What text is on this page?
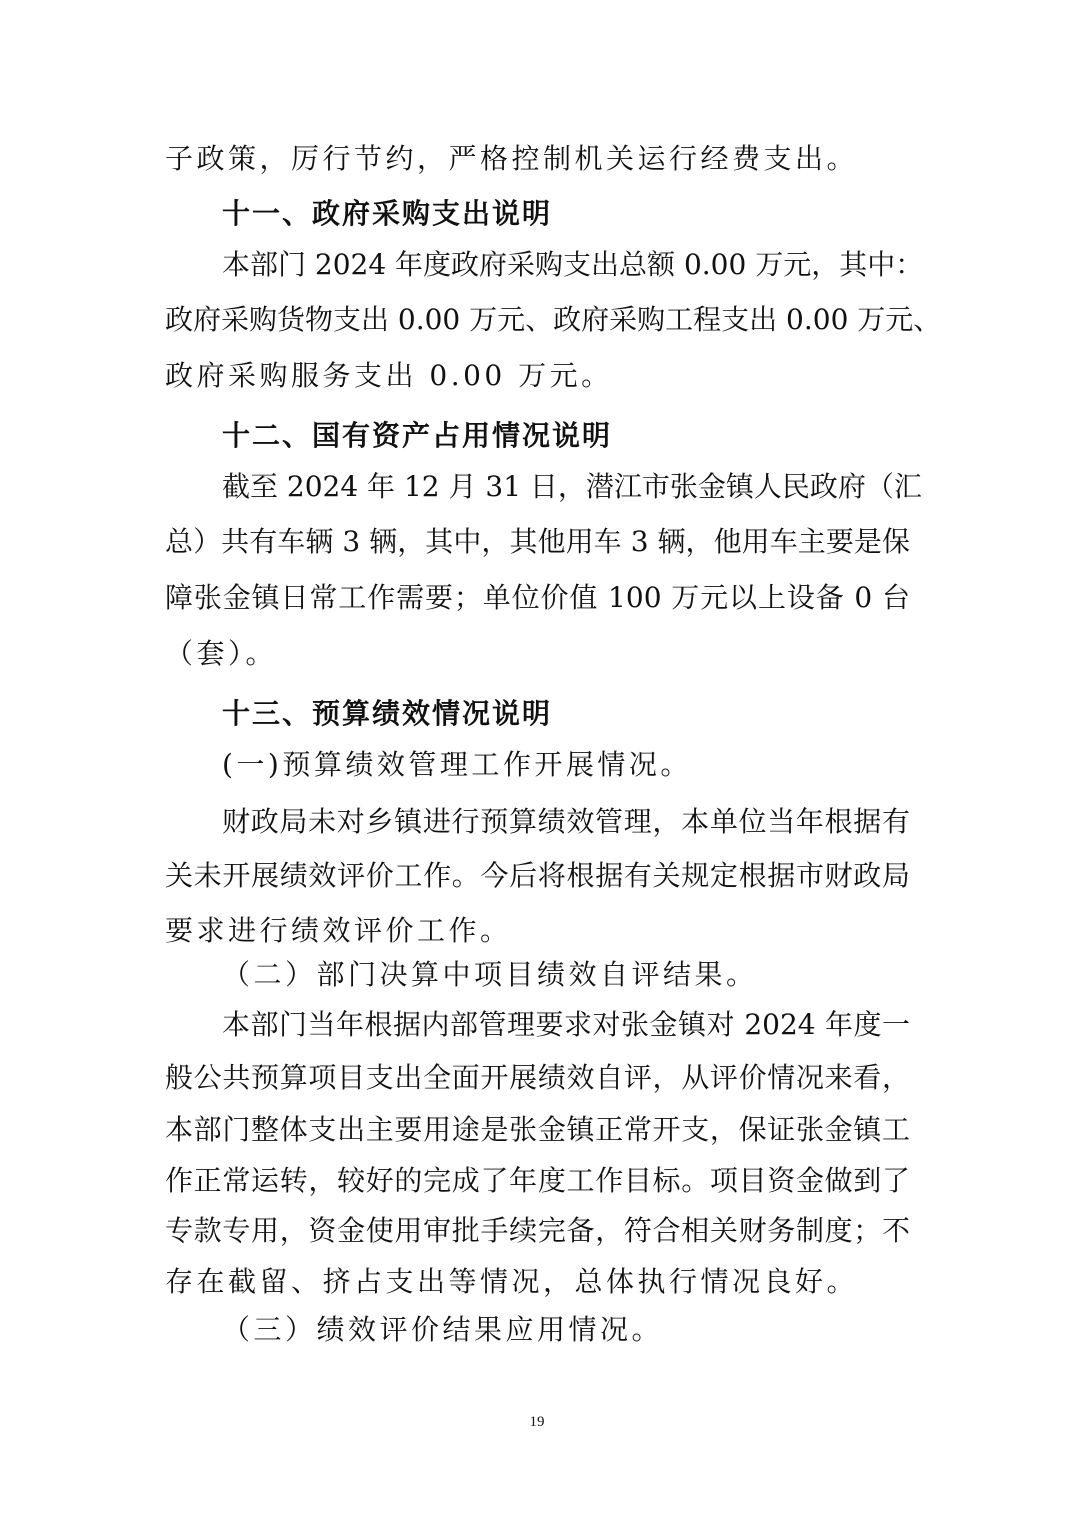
子政策，厉行节约，严格控制机关运行经费支出。
十一、政府采购支出说明
本部门 2024 年度政府采购支出总额 0.00 万元，其中：
政府采购货物支出 0.00 万元、政府采购工程支出 0.00 万元、
政府采购服务支出 0.00 万元。
十二、国有资产占用情况说明
截至 2024 年 12 月 31 日，潜江市张金镇人民政府（汇
总）共有车辆 3 辆，其中，其他用车 3 辆，他用车主要是保
障张金镇日常工作需要；单位价值 100 万元以上设备 0 台
（套）。
十三、预算绩效情况说明
(一)预算绩效管理工作开展情况。
财政局未对乡镇进行预算绩效管理，本单位当年根据有
关未开展绩效评价工作。今后将根据有关规定根据市财政局
要求进行绩效评价工作。
（二）部门决算中项目绩效自评结果。
本部门当年根据内部管理要求对张金镇对 2024 年度一
般公共预算项目支出全面开展绩效自评，从评价情况来看，
本部门整体支出主要用途是张金镇正常开支，保证张金镇工
作正常运转，较好的完成了年度工作目标。项目资金做到了
专款专用，资金使用审批手续完备，符合相关财务制度；不
存在截留、挤占支出等情况，总体执行情况良好。
（三）绩效评价结果应用情况。
19
